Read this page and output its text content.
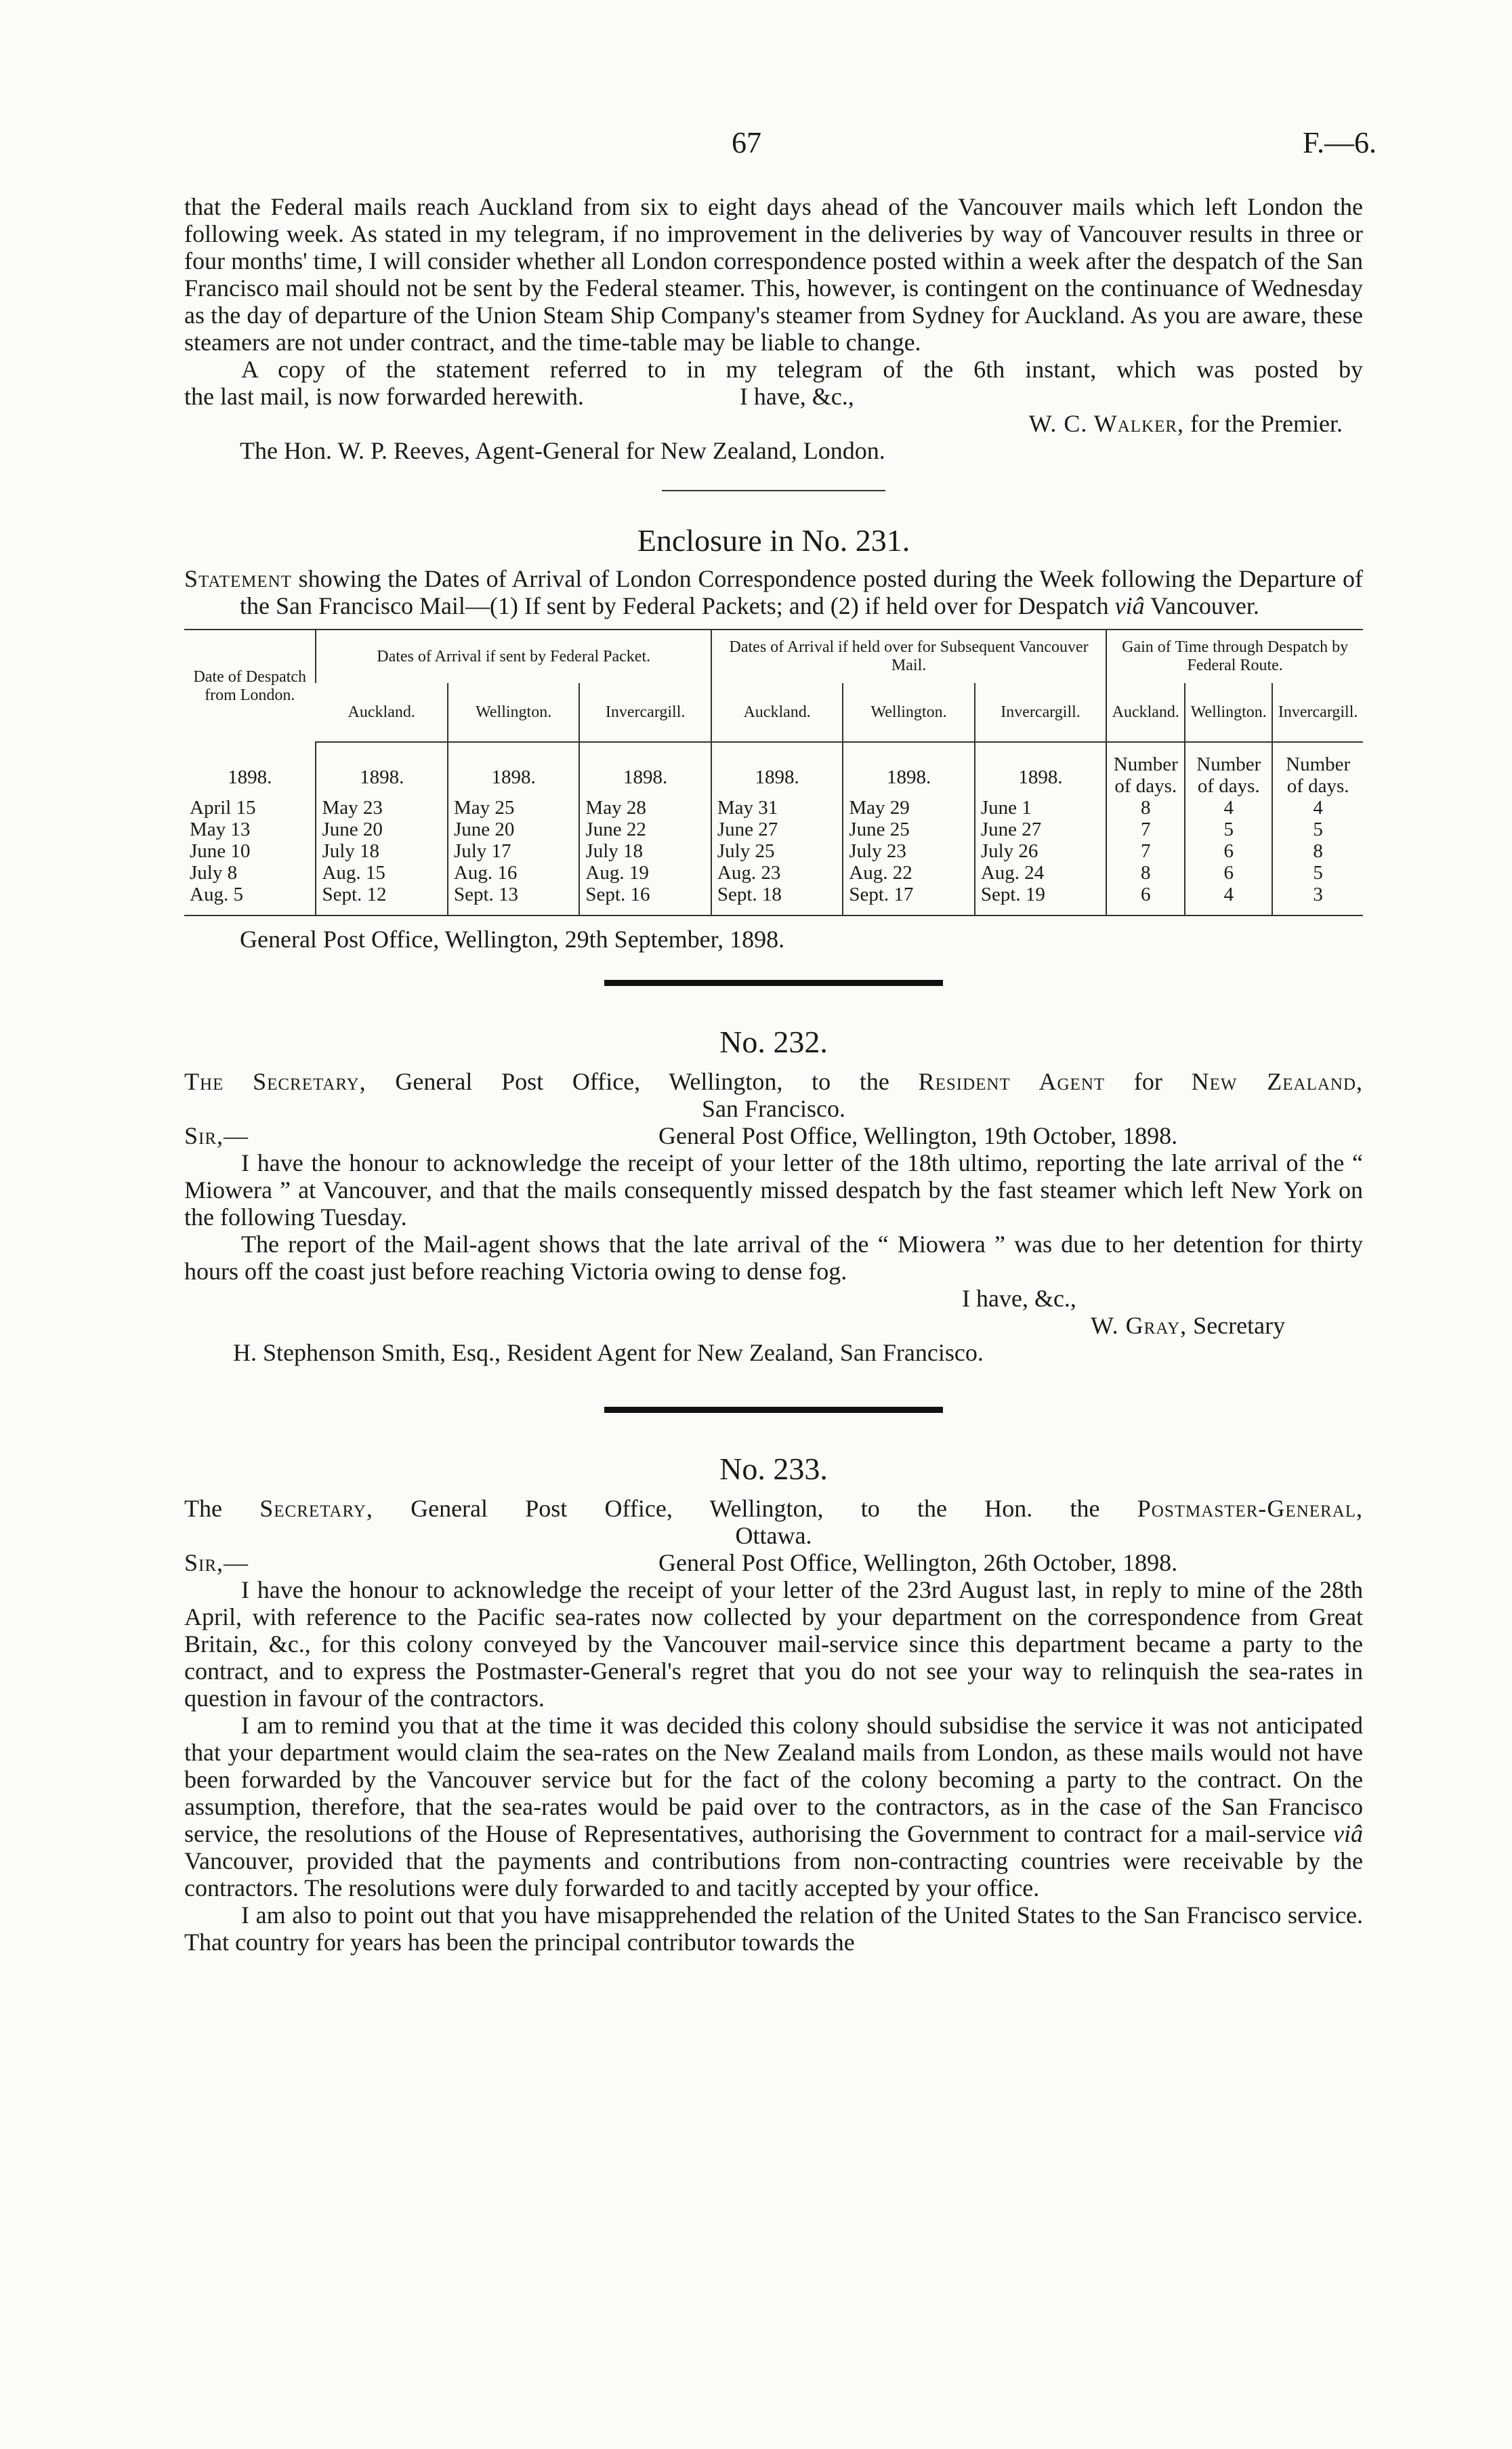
67	F.—6.

that the Federal mails reach Auckland from six to eight days ahead of the Vancouver mails which left London the following week. As stated in my telegram, if no improvement in the deliveries by way of Vancouver results in three or four months' time, I will consider whether all London correspondence posted within a week after the despatch of the San Francisco mail should not be sent by the Federal steamer. This, however, is contingent on the continuance of Wednesday as the day of departure of the Union Steam Ship Company's steamer from Sydney for Auckland. As you are aware, these steamers are not under contract, and the time-table may be liable to change.

A copy of the statement referred to in my telegram of the 6th instant, which was posted by

the last mail, is now forwarded herewith.	I have, &c.,
W. C. Walker, for the Premier.

The Hon. W. P. Reeves, Agent-General for New Zealand, London.

Enclosure in No. 231.

Statement showing the Dates of Arrival of London Correspondence posted during the Week following the Departure of the San Francisco Mail—(1) If sent by Federal Packets; and (2) if held over for Despatch viâ Vancouver.

Date of Despatch from London.	Dates of Arrival if sent by Federal Packet.			Dates of Arrival if held over for Subsequent Vancouver Mail.			Gain of Time through Despatch by Federal Route.		
	Auckland.	Wellington.	Invercargill.	Auckland.	Wellington.	Invercargill.	Auckland.	Wellington.	Invercargill.
1898.	1898.	1898.	1898.	1898.	1898.	1898.	Number of days.	Number of days.	Number of days.
April 15	May 23	May 25	May 28	May 31	May 29	June 1	8	4	4
May 13	June 20	June 20	June 22	June 27	June 25	June 27	7	5	5
June 10	July 18	July 17	July 18	July 25	July 23	July 26	7	6	8
July 8	Aug. 15	Aug. 16	Aug. 19	Aug. 23	Aug. 22	Aug. 24	8	6	5
Aug. 5	Sept. 12	Sept. 13	Sept. 16	Sept. 18	Sept. 17	Sept. 19	6	4	3

General Post Office, Wellington, 29th September, 1898.

No. 232.

The Secretary, General Post Office, Wellington, to the Resident Agent for New Zealand,

San Francisco.

Sir,—	General Post Office, Wellington, 19th October, 1898.

I have the honour to acknowledge the receipt of your letter of the 18th ultimo, reporting the late arrival of the “ Miowera ” at Vancouver, and that the mails consequently missed despatch by the fast steamer which left New York on the following Tuesday.

The report of the Mail-agent shows that the late arrival of the “ Miowera ” was due to her detention for thirty hours off the coast just before reaching Victoria owing to dense fog.

I have, &c.,

W. Gray, Secretary

H. Stephenson Smith, Esq., Resident Agent for New Zealand, San Francisco.

No. 233.

The Secretary, General Post Office, Wellington, to the Hon. the Postmaster-General,

Ottawa.

Sir,—	General Post Office, Wellington, 26th October, 1898.

I have the honour to acknowledge the receipt of your letter of the 23rd August last, in reply to mine of the 28th April, with reference to the Pacific sea-rates now collected by your department on the correspondence from Great Britain, &c., for this colony conveyed by the Vancouver mail-service since this department became a party to the contract, and to express the Postmaster-General's regret that you do not see your way to relinquish the sea-rates in question in favour of the contractors.

I am to remind you that at the time it was decided this colony should subsidise the service it was not anticipated that your department would claim the sea-rates on the New Zealand mails from London, as these mails would not have been forwarded by the Vancouver service but for the fact of the colony becoming a party to the contract. On the assumption, therefore, that the sea-rates would be paid over to the contractors, as in the case of the San Francisco service, the resolutions of the House of Representatives, authorising the Government to contract for a mail-service viâ Vancouver, provided that the payments and contributions from non-contracting countries were receivable by the contractors. The resolutions were duly forwarded to and tacitly accepted by your office.

I am also to point out that you have misapprehended the relation of the United States to the San Francisco service. That country for years has been the principal contributor towards the
